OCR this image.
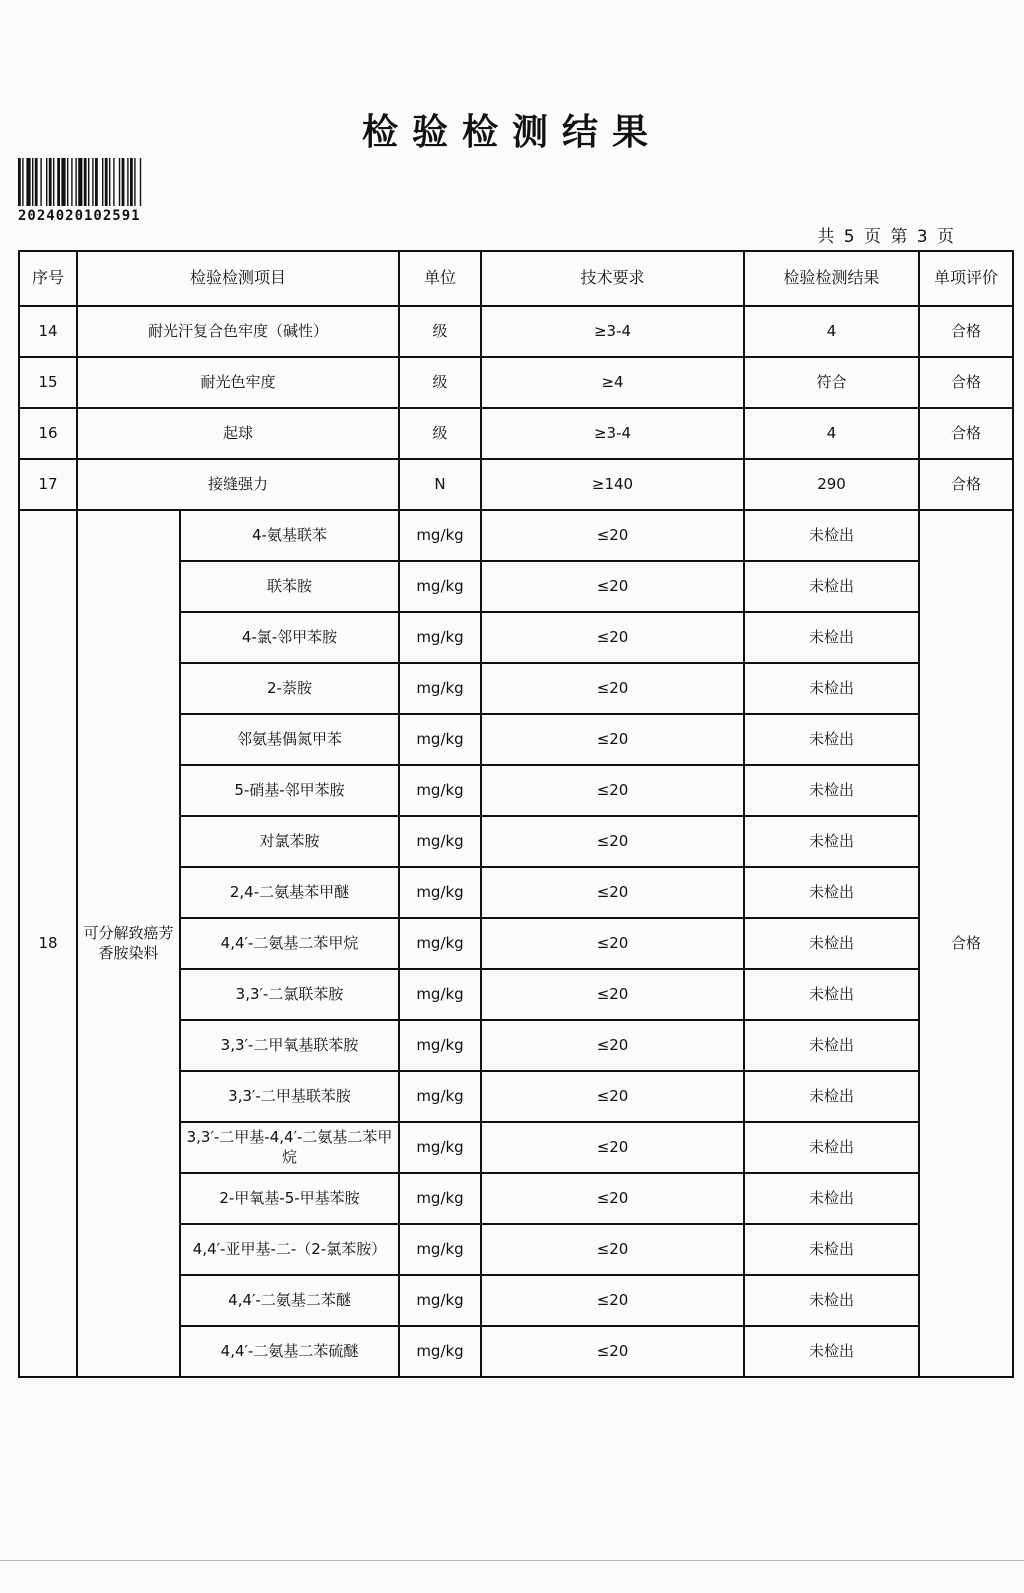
检验检测结果
2024020102591
共 5 页 第 3 页
序号	检验检测项目		单位	技术要求	检验检测结果	单项评价
14	耐光汗复合色牢度（碱性）		级	≥3-4	4	合格
15	耐光色牢度		级	≥4	符合	合格
16	起球		级	≥3-4	4	合格
17	接缝强力		N	≥140	290	合格
18	可分解致癌芳香胺染料	4-氨基联苯	mg/kg	≤20	未检出	合格
		联苯胺	mg/kg	≤20	未检出	
		4-氯-邻甲苯胺	mg/kg	≤20	未检出	
		2-萘胺	mg/kg	≤20	未检出	
		邻氨基偶氮甲苯	mg/kg	≤20	未检出	
		5-硝基-邻甲苯胺	mg/kg	≤20	未检出	
		对氯苯胺	mg/kg	≤20	未检出	
		2,4-二氨基苯甲醚	mg/kg	≤20	未检出	
		4,4′-二氨基二苯甲烷	mg/kg	≤20	未检出	
		3,3′-二氯联苯胺	mg/kg	≤20	未检出	
		3,3′-二甲氧基联苯胺	mg/kg	≤20	未检出	
		3,3′-二甲基联苯胺	mg/kg	≤20	未检出	
		3,3′-二甲基-4,4′-二氨基二苯甲烷	mg/kg	≤20	未检出	
		2-甲氧基-5-甲基苯胺	mg/kg	≤20	未检出	
		4,4′-亚甲基-二-（2-氯苯胺）	mg/kg	≤20	未检出	
		4,4′-二氨基二苯醚	mg/kg	≤20	未检出	
		4,4′-二氨基二苯硫醚	mg/kg	≤20	未检出	
